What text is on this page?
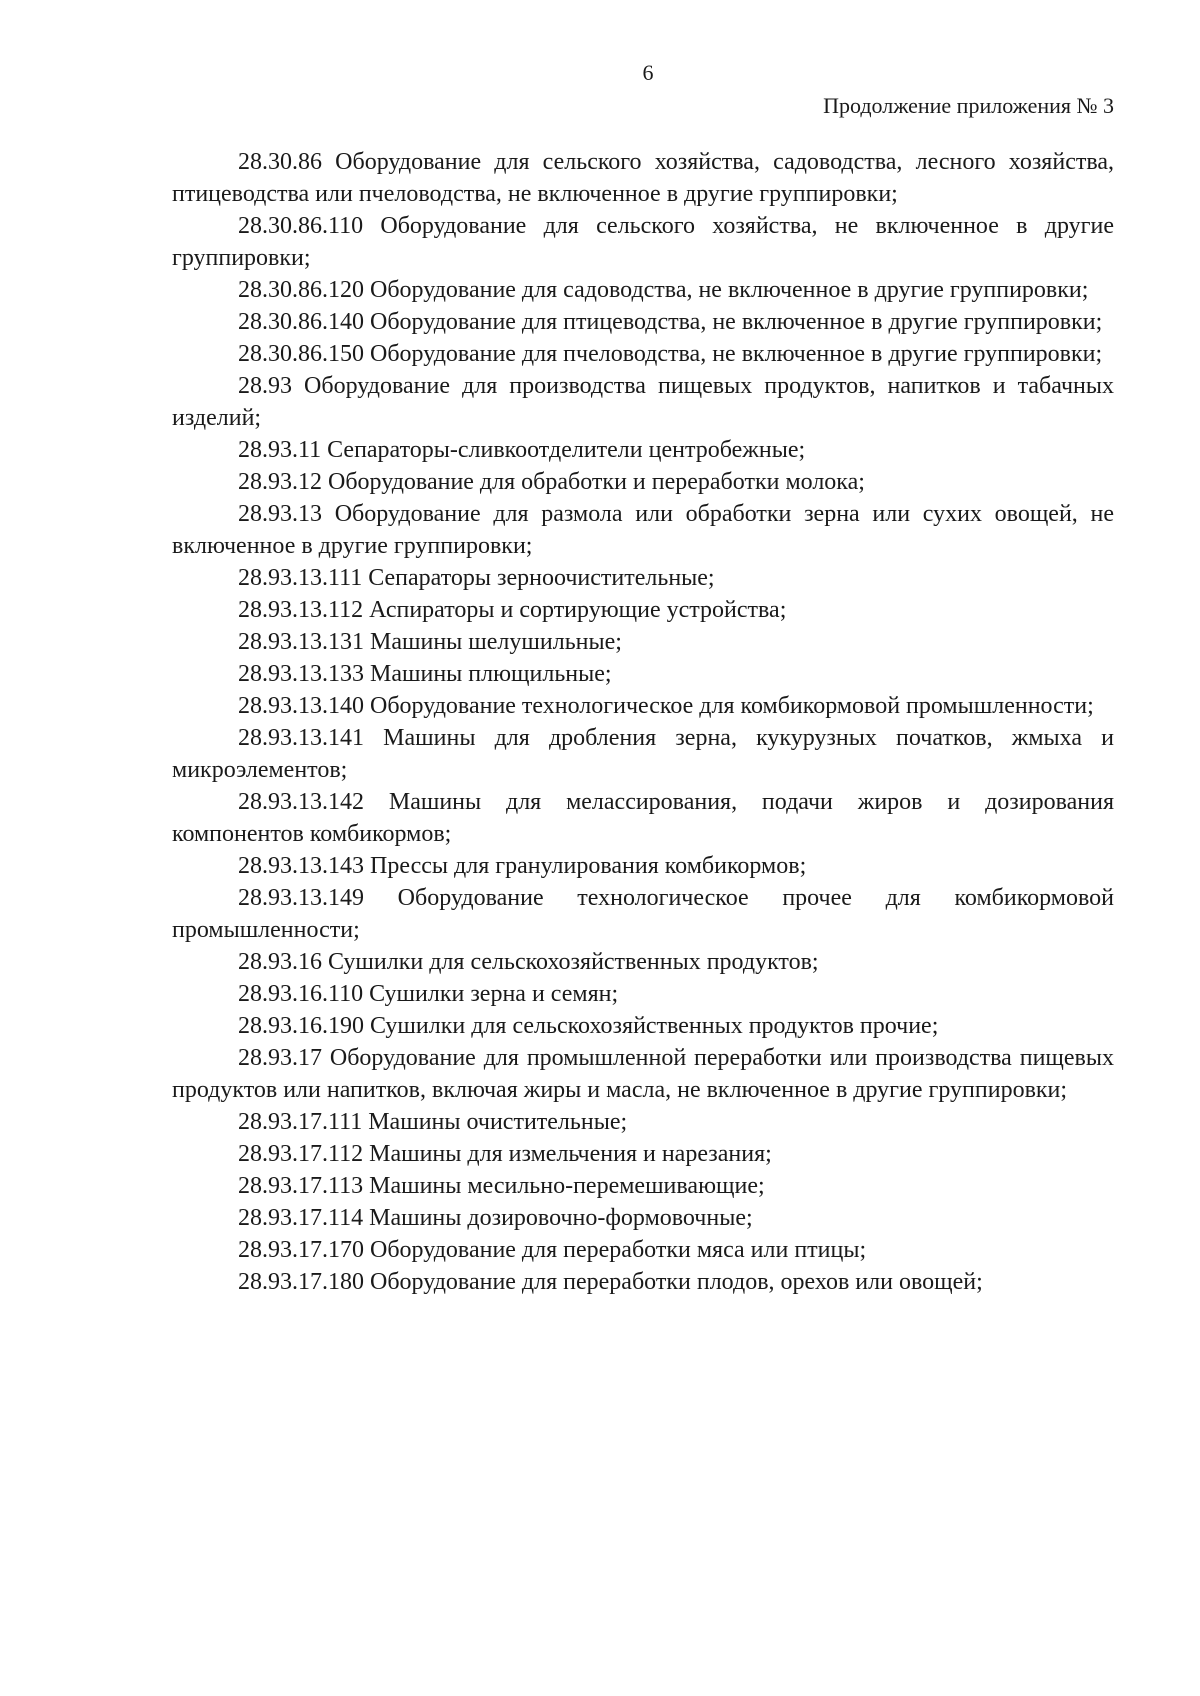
6
Продолжение приложения № 3

28.30.86 Оборудование для сельского хозяйства, садоводства, лесного хозяйства, птицеводства или пчеловодства, не включенное в другие группировки;

28.30.86.110 Оборудование для сельского хозяйства, не включенное в другие группировки;

28.30.86.120 Оборудование для садоводства, не включенное в другие группировки;

28.30.86.140 Оборудование для птицеводства, не включенное в другие группировки;

28.30.86.150 Оборудование для пчеловодства, не включенное в другие группировки;

28.93 Оборудование для производства пищевых продуктов, напитков и табачных изделий;

28.93.11 Сепараторы-сливкоотделители центробежные;

28.93.12 Оборудование для обработки и переработки молока;

28.93.13 Оборудование для размола или обработки зерна или сухих овощей, не включенное в другие группировки;

28.93.13.111 Сепараторы зерноочистительные;

28.93.13.112 Аспираторы и сортирующие устройства;

28.93.13.131 Машины шелушильные;

28.93.13.133 Машины плющильные;

28.93.13.140 Оборудование технологическое для комбикормовой промышленности;

28.93.13.141 Машины для дробления зерна, кукурузных початков, жмыха и микроэлементов;

28.93.13.142 Машины для мелассирования, подачи жиров и дозирования компонентов комбикормов;

28.93.13.143 Прессы для гранулирования комбикормов;

28.93.13.149 Оборудование технологическое прочее для комбикормовой промышленности;

28.93.16 Сушилки для сельскохозяйственных продуктов;

28.93.16.110 Сушилки зерна и семян;

28.93.16.190 Сушилки для сельскохозяйственных продуктов прочие;

28.93.17 Оборудование для промышленной переработки или производства пищевых продуктов или напитков, включая жиры и масла, не включенное в другие группировки;

28.93.17.111 Машины очистительные;

28.93.17.112 Машины для измельчения и нарезания;

28.93.17.113 Машины месильно-перемешивающие;

28.93.17.114 Машины дозировочно-формовочные;

28.93.17.170 Оборудование для переработки мяса или птицы;

28.93.17.180 Оборудование для переработки плодов, орехов или овощей;
